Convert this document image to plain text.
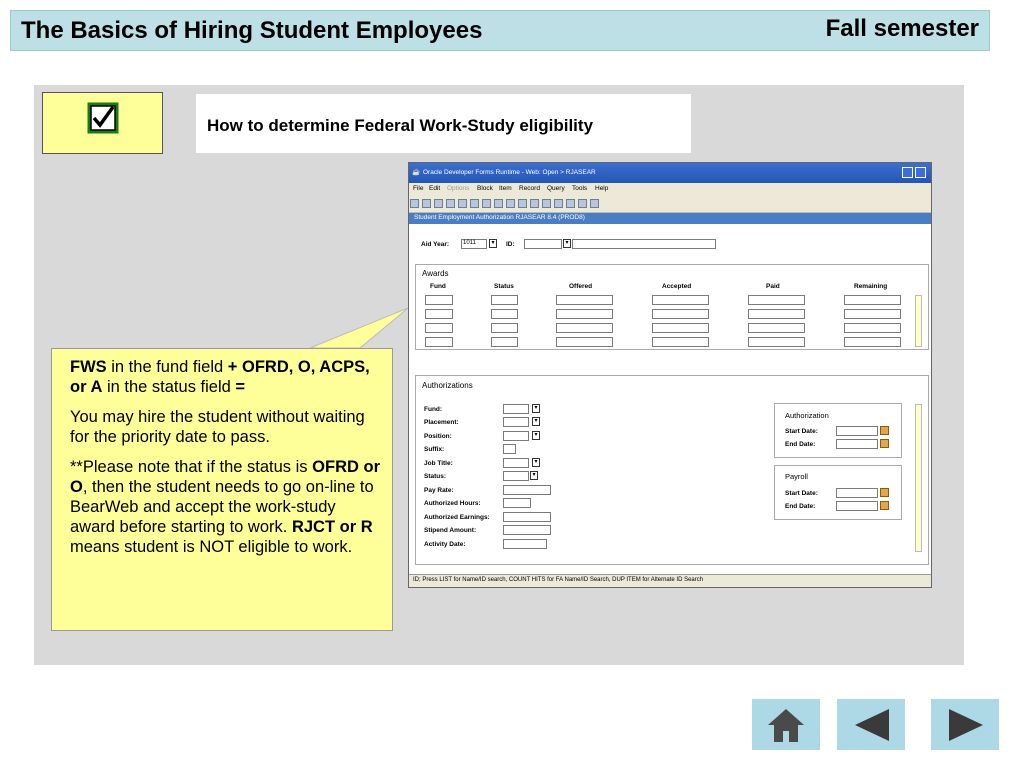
The Basics of Hiring Student Employees	Fall semester
How to determine Federal Work-Study eligibility

FWS in the fund field + OFRD, O, ACPS, or A in the status field =

You may hire the student without waiting for the priority date to pass.

**Please note that if the status is OFRD or O, then the student needs to go on-line to BearWeb and accept the work-study award before starting to work. RJCT or R means student is NOT eligible to work.

☕ Oracle Developer Forms Runtime - Web: Open > RJASEAR
File Edit Options Block Item Record Query Tools Help
Student Employment Authorization RJASEAR 8.4 (PROD8)
Aid Year:	1011	▾	ID:	▾
Awards
Fund	Status	Offered	Accepted	Paid	Remaining
Authorizations
Fund:
Placement:
Position:
Suffix:
Job Title:
Status:
Pay Rate:
Authorized Hours:
Authorized Earnings:
Stipend Amount:
Activity Date:
▾
▾
▾
▾
▾
Authorization
Start Date:
End Date:
Payroll
Start Date:
End Date:
ID; Press LIST for Name/ID search, COUNT HITS for FA Name/ID Search, DUP ITEM for Alternate ID Search
